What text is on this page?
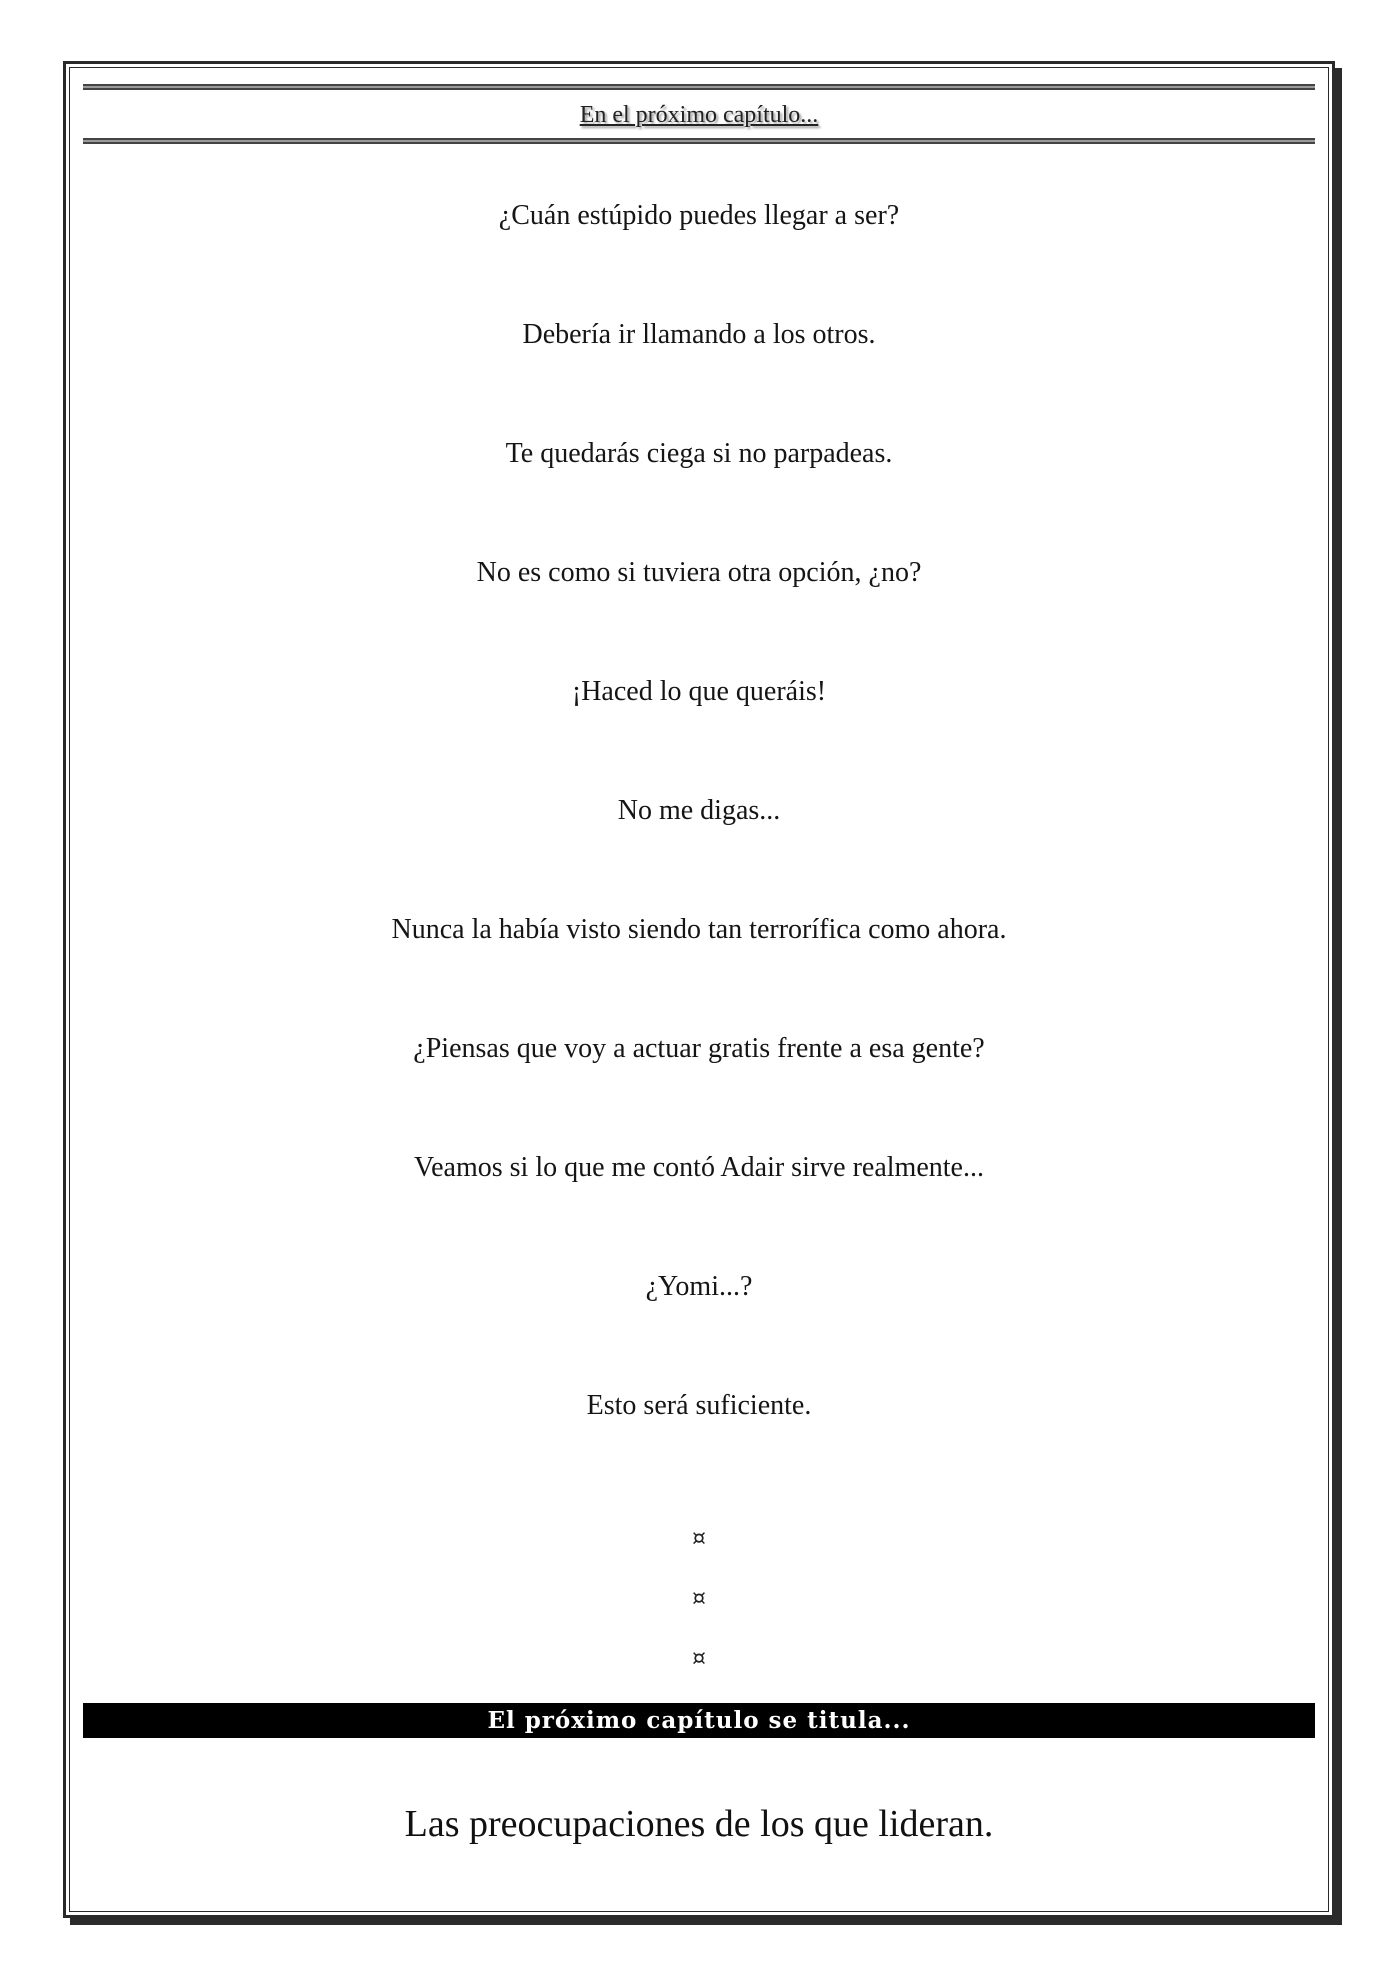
En el próximo capítulo...
¿Cuán estúpido puedes llegar a ser?
Debería ir llamando a los otros.
Te quedarás ciega si no parpadeas.
No es como si tuviera otra opción, ¿no?
¡Haced lo que queráis!
No me digas...
Nunca la había visto siendo tan terrorífica como ahora.
¿Piensas que voy a actuar gratis frente a esa gente?
Veamos si lo que me contó Adair sirve realmente...
¿Yomi...?
Esto será suficiente.
¤
¤
¤
El próximo capítulo se titula...
Las preocupaciones de los que lideran.
